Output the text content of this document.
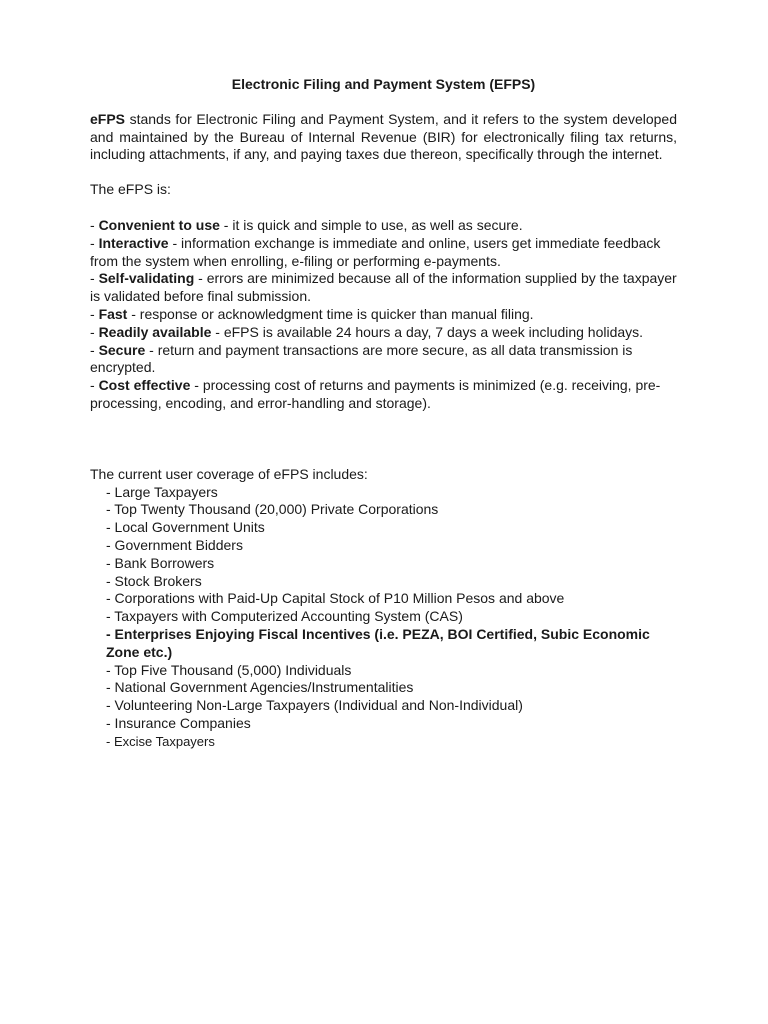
Electronic Filing and Payment System (EFPS)

eFPS stands for Electronic Filing and Payment System, and it refers to the system developed and maintained by the Bureau of Internal Revenue (BIR) for electronically filing tax returns, including attachments, if any, and paying taxes due thereon, specifically through the internet.

The eFPS is:

- Convenient to use - it is quick and simple to use, as well as secure.
- Interactive - information exchange is immediate and online, users get immediate feedback from the system when enrolling, e-filing or performing e-payments.
- Self-validating - errors are minimized because all of the information supplied by the taxpayer is validated before final submission.
- Fast - response or acknowledgment time is quicker than manual filing.
- Readily available - eFPS is available 24 hours a day, 7 days a week including holidays.
- Secure - return and payment transactions are more secure, as all data transmission is encrypted.
- Cost effective - processing cost of returns and payments is minimized (e.g. receiving, pre-processing, encoding, and error-handling and storage).

The current user coverage of eFPS includes:

- Large Taxpayers
- Top Twenty Thousand (20,000) Private Corporations
- Local Government Units
- Government Bidders
- Bank Borrowers
- Stock Brokers
- Corporations with Paid-Up Capital Stock of P10 Million Pesos and above
- Taxpayers with Computerized Accounting System (CAS)
- Enterprises Enjoying Fiscal Incentives (i.e. PEZA, BOI Certified, Subic Economic Zone etc.)
- Top Five Thousand (5,000) Individuals
- National Government Agencies/Instrumentalities
- Volunteering Non-Large Taxpayers (Individual and Non-Individual)
- Insurance Companies
- Excise Taxpayers
